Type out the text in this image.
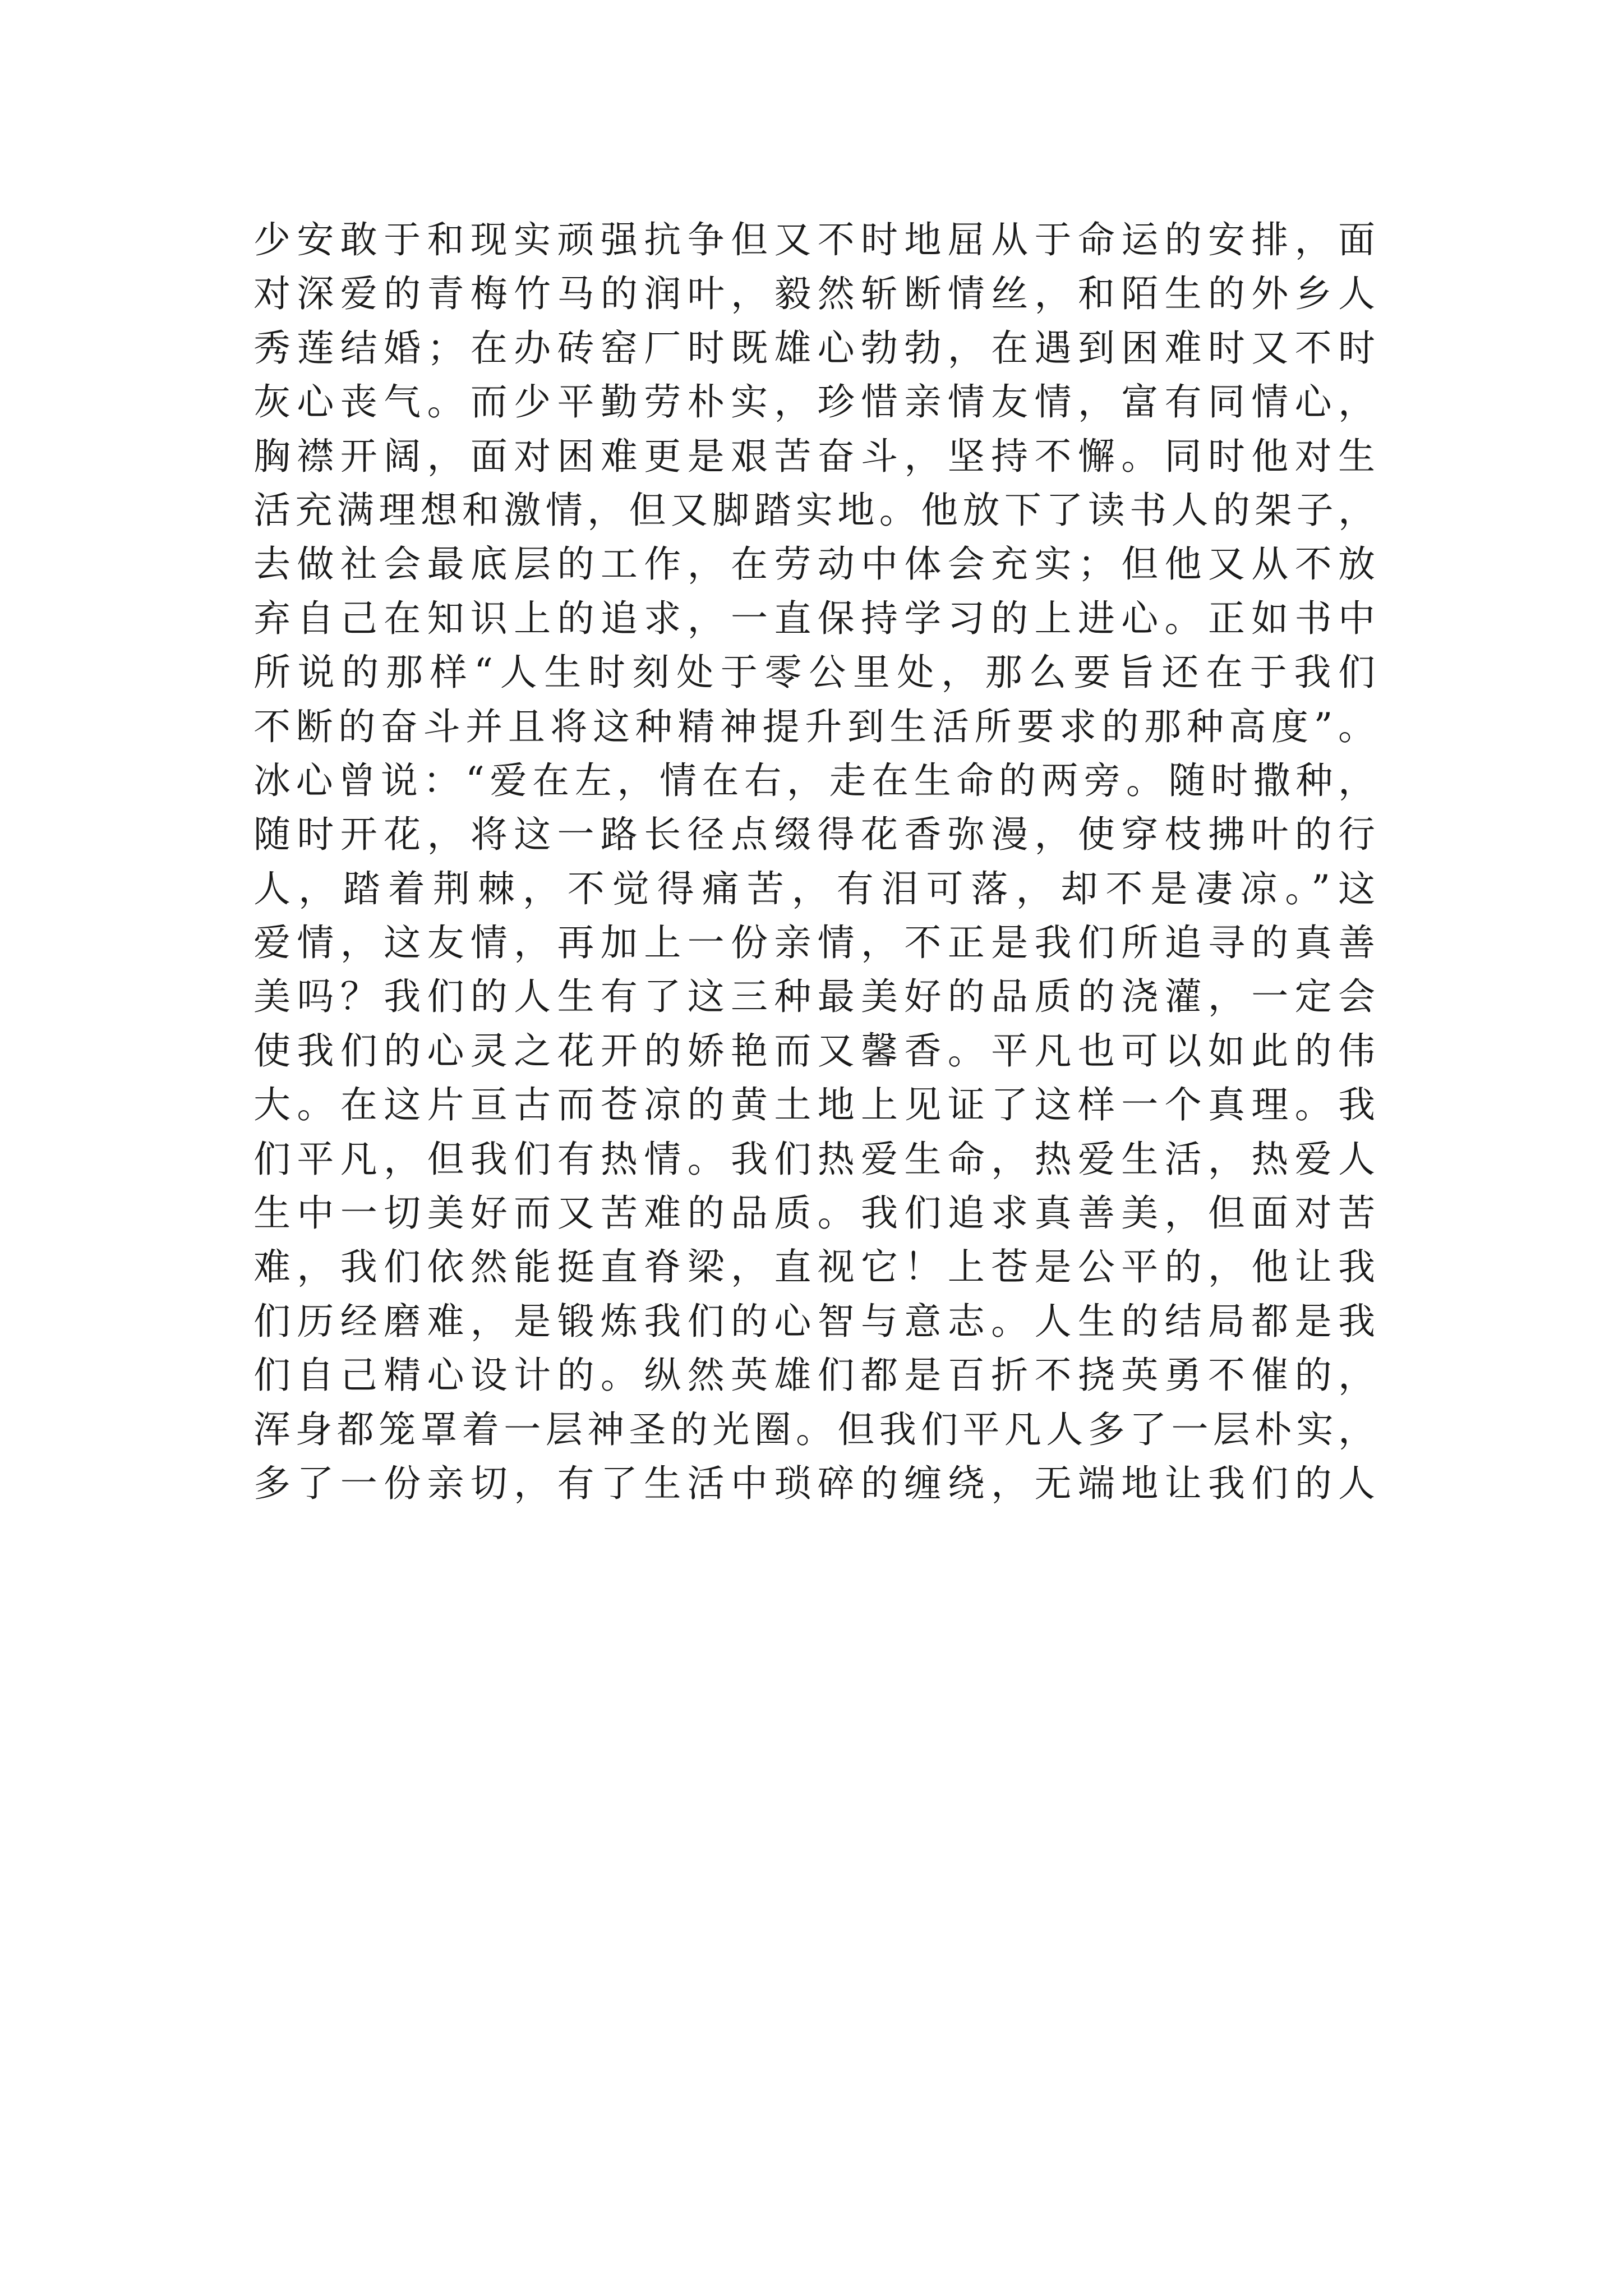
少安敢于和现实顽强抗争但又不时地屈从于命运的安排，面
对深爱的青梅竹马的润叶，毅然斩断情丝，和陌生的外乡人
秀莲结婚；在办砖窑厂时既雄心勃勃，在遇到困难时又不时
灰心丧气。而少平勤劳朴实，珍惜亲情友情，富有同情心，
胸襟开阔，面对困难更是艰苦奋斗，坚持不懈。同时他对生
活充满理想和激情，但又脚踏实地。他放下了读书人的架子，
去做社会最底层的工作，在劳动中体会充实；但他又从不放
弃自己在知识上的追求，一直保持学习的上进心。正如书中
所说的那样“人生时刻处于零公里处，那么要旨还在于我们
不断的奋斗并且将这种精神提升到生活所要求的那种高度”。
冰心曾说：“爱在左，情在右，走在生命的两旁。随时撒种，
随时开花，将这一路长径点缀得花香弥漫，使穿枝拂叶的行
人，踏着荆棘，不觉得痛苦，有泪可落，却不是凄凉。”这
爱情，这友情，再加上一份亲情，不正是我们所追寻的真善
美吗？我们的人生有了这三种最美好的品质的浇灌，一定会
使我们的心灵之花开的娇艳而又馨香。平凡也可以如此的伟
大。在这片亘古而苍凉的黄土地上见证了这样一个真理。我
们平凡，但我们有热情。我们热爱生命，热爱生活，热爱人
生中一切美好而又苦难的品质。我们追求真善美，但面对苦
难，我们依然能挺直脊梁，直视它！上苍是公平的，他让我
们历经磨难，是锻炼我们的心智与意志。人生的结局都是我
们自己精心设计的。纵然英雄们都是百折不挠英勇不催的，
浑身都笼罩着一层神圣的光圈。但我们平凡人多了一层朴实，
多了一份亲切，有了生活中琐碎的缠绕，无端地让我们的人
